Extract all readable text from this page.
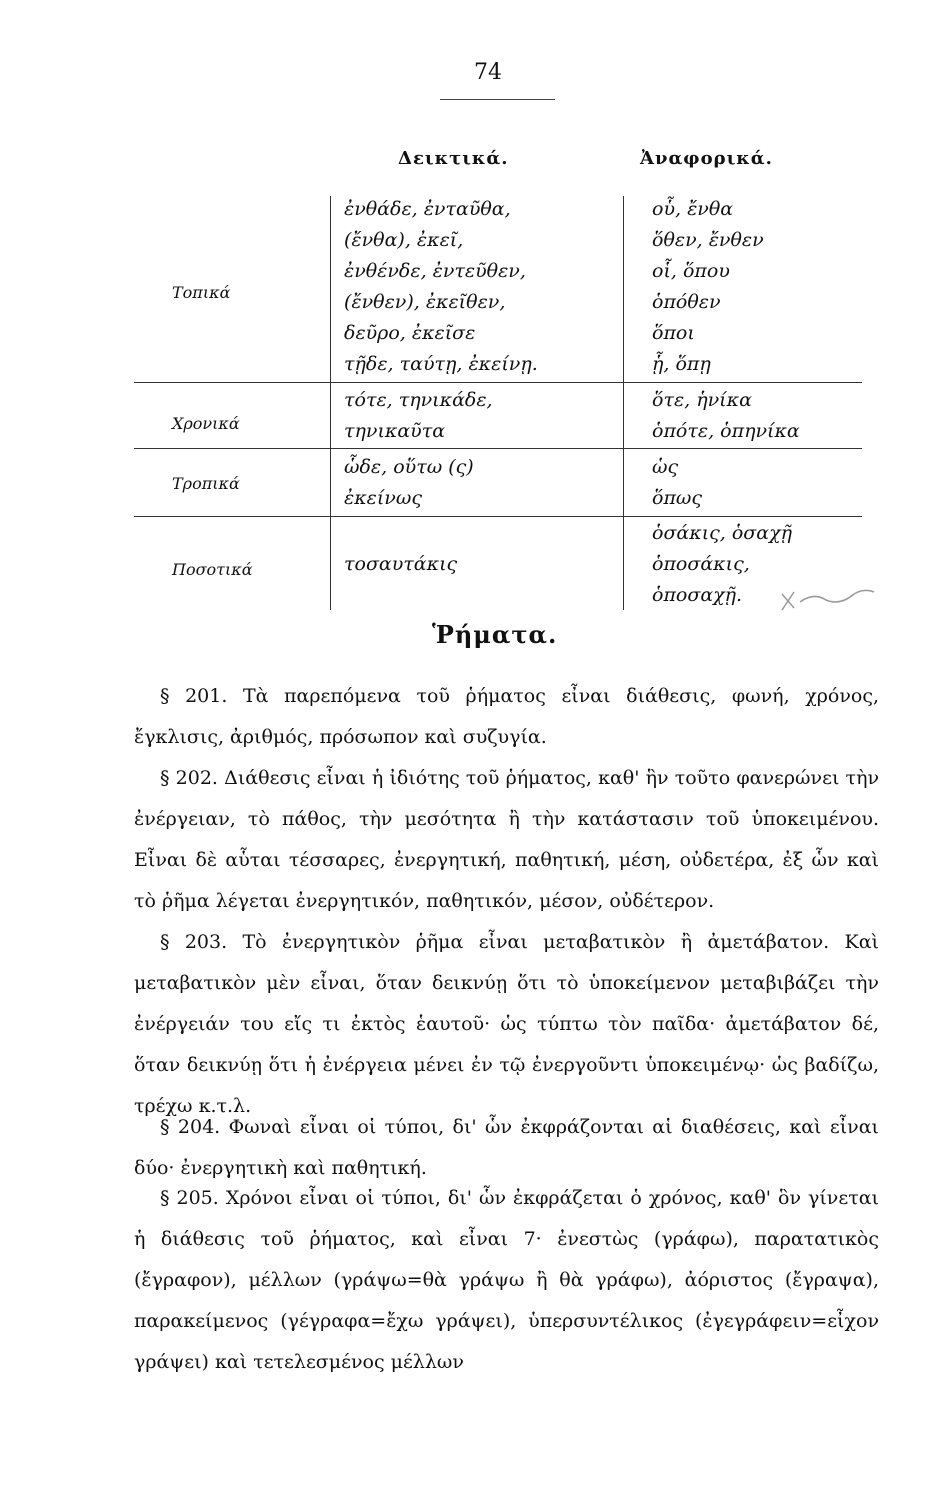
74
Δεικτικά.	Ἀναφορικά.
Τοπικά
ἐνθάδε, ἐνταῦθα,
(ἔνθα), ἐκεῖ,
ἐνθένδε, ἐντεῦθεν,
(ἔνθεν), ἐκεῖθεν,
δεῦρο, ἐκεῖσε
τῇδε, ταύτῃ, ἐκείνῃ.
οὗ, ἔνθα
ὅθεν, ἔνθεν
οἷ, ὅπου
ὁπόθεν
ὅποι
ᾗ, ὅπῃ
Χρονικά
τότε, τηνικάδε,
τηνικαῦτα
ὅτε, ἡνίκα
ὁπότε, ὁπηνίκα
Τροπικά
ὧδε, οὕτω (ς)
ἐκείνως
ὡς
ὅπως
Ποσοτικά	τοσαυτάκις
ὁσάκις, ὁσαχῇ
ὁποσάκις,
ὁποσαχῇ.
Ῥήματα.
§ 201. Τὰ παρεπόμενα τοῦ ῥήματος εἶναι διάθεσις, φωνή, χρόνος, ἔγκλισις, ἀριθμός, πρόσωπον καὶ συζυγία.
§ 202. Διάθεσις εἶναι ἡ ἰδιότης τοῦ ῥήματος, καθ' ἣν τοῦτο φανερώνει τὴν ἐνέργειαν, τὸ πάθος, τὴν μεσότητα ἢ τὴν κατάστασιν τοῦ ὑποκειμένου. Εἶναι δὲ αὗται τέσσαρες, ἐνεργητική, παθητική, μέση, οὐδετέρα, ἐξ ὧν καὶ τὸ ῥῆμα λέγεται ἐνεργητικόν, παθητικόν, μέσον, οὐδέτερον.
§ 203. Τὸ ἐνεργητικὸν ῥῆμα εἶναι μεταβατικὸν ἢ ἀμετάβατον. Καὶ μεταβατικὸν μὲν εἶναι, ὅταν δεικνύῃ ὅτι τὸ ὑποκείμενον μεταβιβάζει τὴν ἐνέργειάν του εἴς τι ἐκτὸς ἑαυτοῦ· ὡς τύπτω τὸν παῖδα· ἀμετάβατον δέ, ὅταν δεικνύῃ ὅτι ἡ ἐνέργεια μένει ἐν τῷ ἐνεργοῦντι ὑποκειμένῳ· ὡς βαδίζω, τρέχω κ.τ.λ.
§ 204. Φωναὶ εἶναι οἱ τύποι, δι' ὧν ἐκφράζονται αἱ διαθέσεις, καὶ εἶναι δύο· ἐνεργητικὴ καὶ παθητική.
§ 205. Χρόνοι εἶναι οἱ τύποι, δι' ὧν ἐκφράζεται ὁ χρόνος, καθ' ὃν γίνεται ἡ διάθεσις τοῦ ῥήματος, καὶ εἶναι 7· ἐνεστὼς (γράφω), παρατατικὸς (ἔγραφον), μέλλων (γράψω=θὰ γράψω ἢ θὰ γράφω), ἀόριστος (ἔγραψα), παρακείμενος (γέγραφα=ἔχω γράψει), ὑπερσυντέλικος (ἐγεγράφειν=εἶχον γράψει) καὶ τετελεσμένος μέλλων
